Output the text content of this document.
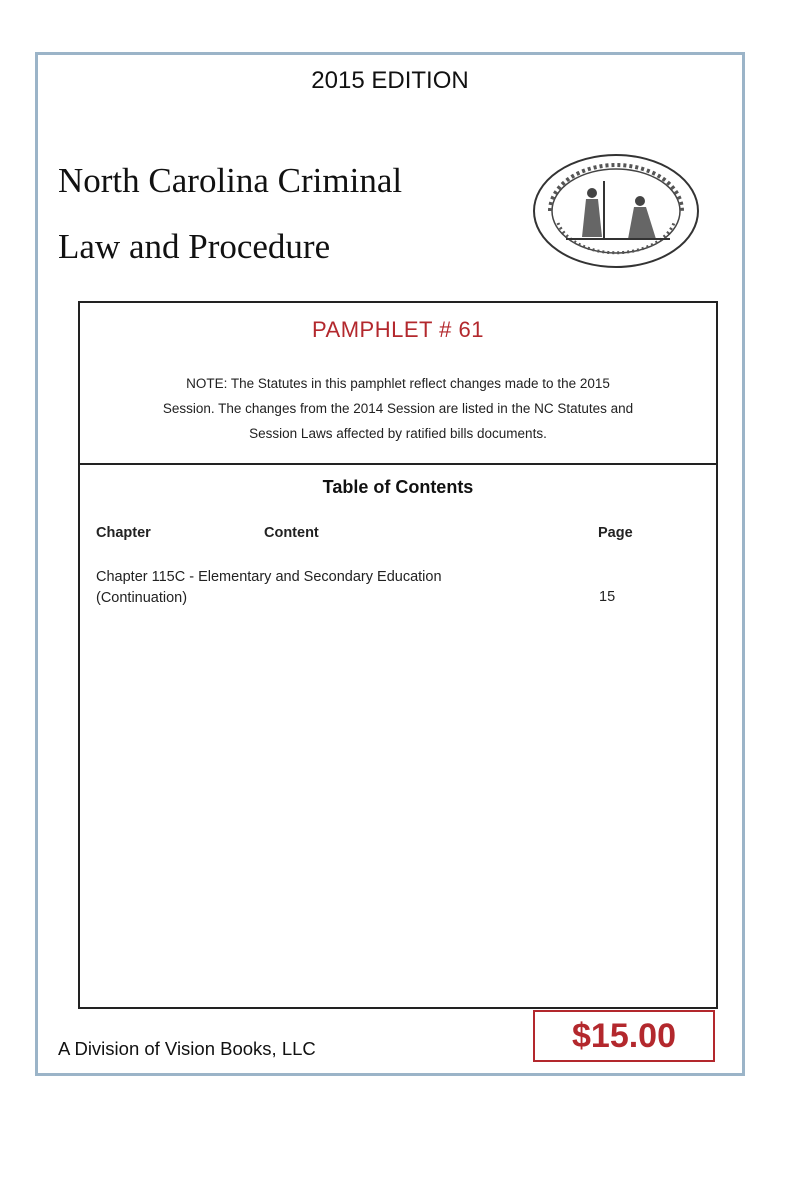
2015 EDITION
North Carolina Criminal
Law and Procedure
PAMPHLET # 61
NOTE: The Statutes in this pamphlet reflect changes made to the 2015
Session. The changes from the 2014 Session are listed in the NC Statutes and
Session Laws affected by ratified bills documents.
Table of Contents
Chapter	Content	Page
Chapter 115C - Elementary and Secondary Education
(Continuation)	15
A Division of Vision Books, LLC	$15.00
